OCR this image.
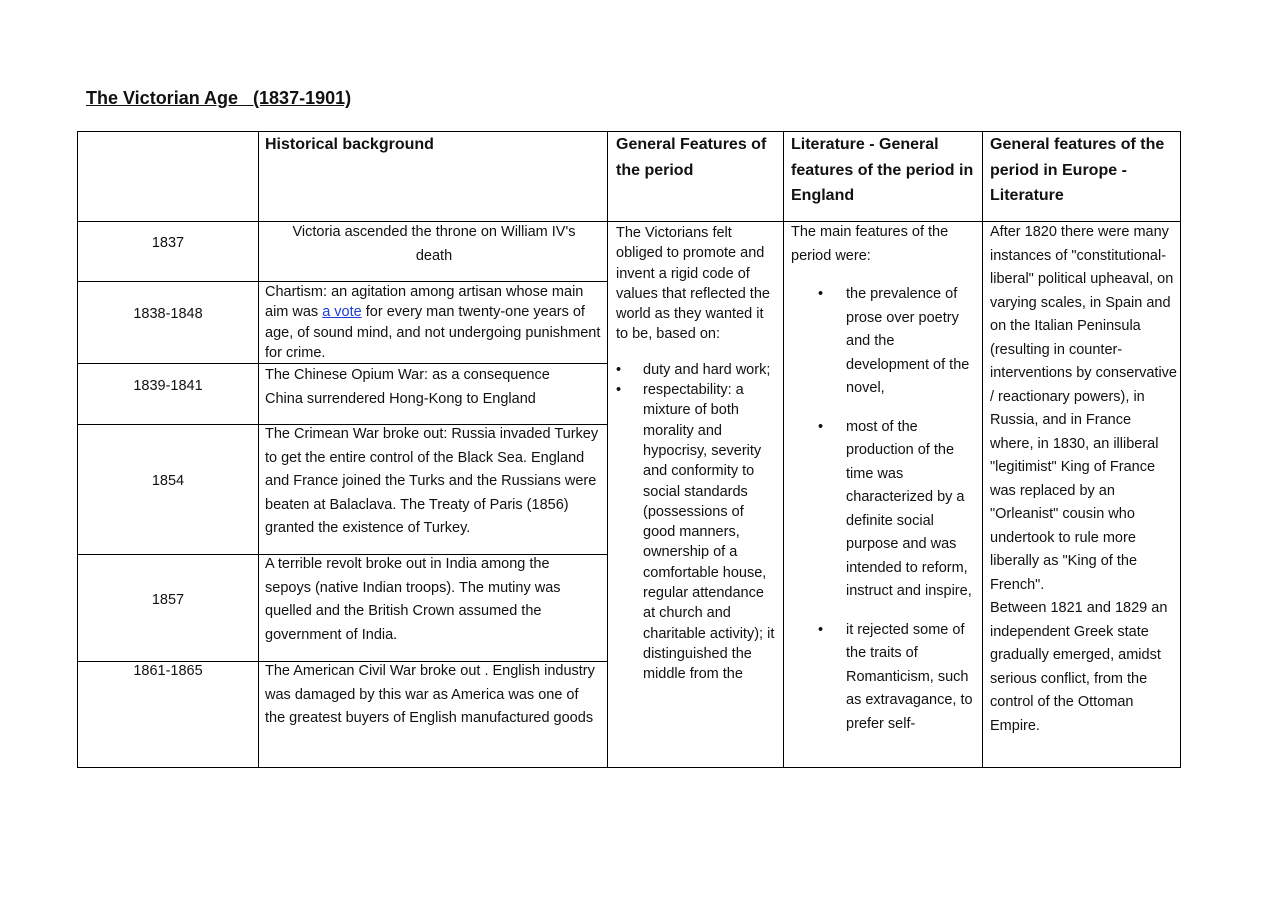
The Victorian Age   (1837-1901)
Historical background	General Features of the period
Literature - General features of the period in England
General features of the period in Europe - Literature
1837
1838-1848
1839-1841
1854
1857
1861-1865
Victoria ascended the throne on William IV's death
Chartism: an agitation among artisan whose main aim was a vote for every man twenty-one years of age, of sound mind, and not undergoing punishment for crime.
The Chinese Opium War: as a consequence China surrendered Hong-Kong to England
The Crimean War broke out: Russia invaded Turkey to get the entire control of the Black Sea. England and France joined the Turks and the Russians were beaten at Balaclava. The Treaty of Paris (1856) granted the existence of Turkey.
A terrible revolt broke out in India among the sepoys (native Indian troops). The mutiny was quelled and the British Crown assumed the government of India.
The American Civil War broke out . English industry was damaged by this war as America was one of the greatest buyers of English manufactured goods
The Victorians felt obliged to promote and invent a rigid code of values that reflected the world as they wanted it to be, based on:
• duty and hard work;
• respectability: a mixture of both morality and hypocrisy, severity and conformity to social standards (possessions of good manners, ownership of a comfortable house, regular attendance at church and charitable activity); it distinguished the middle from the
The main features of the period were:
• the prevalence of prose over poetry and the development of the novel,
• most of the production of the time was characterized by a definite social purpose and was intended to reform, instruct and inspire,
• it rejected some of the traits of Romanticism, such as extravagance, to prefer self-
After 1820 there were many instances of "constitutional-liberal" political upheaval, on varying scales, in Spain and on the Italian Peninsula (resulting in counter-interventions by conservative / reactionary powers), in Russia, and in France where, in 1830, an illiberal "legitimist" King of France was replaced by an "Orleanist" cousin who undertook to rule more liberally as "King of the French".
Between 1821 and 1829 an independent Greek state gradually emerged, amidst serious conflict, from the control of the Ottoman Empire.
